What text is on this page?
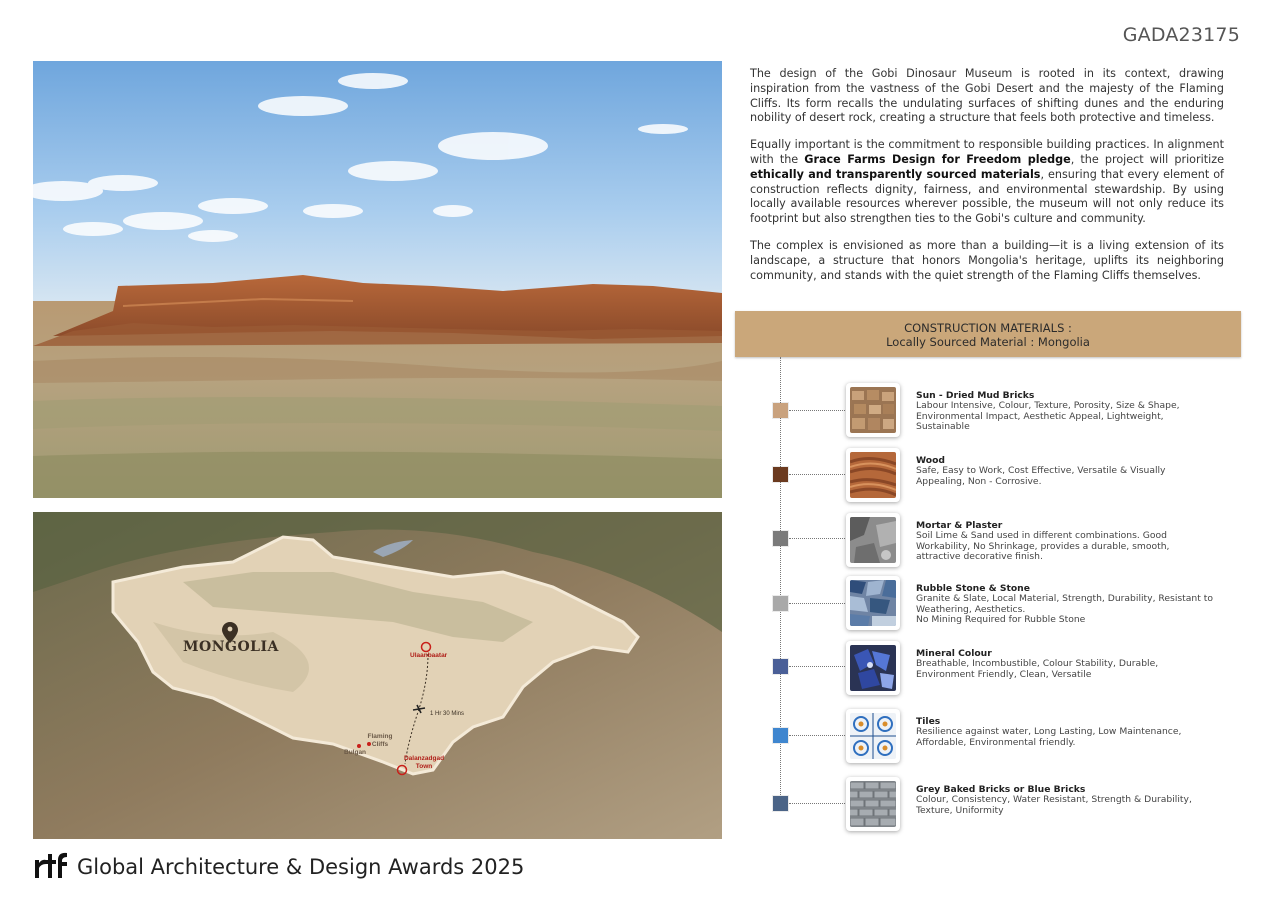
GADA23175
MONGOLIA
Ulaanbaatar
1 Hr 30 Mins
Flaming Cliffs
Bulgan
Dalanzadgad Town
Global Architecture & Design Awards 2025

The design of the Gobi Dinosaur Museum is rooted in its context, drawing inspiration from the vastness of the Gobi Desert and the majesty of the Flaming Cliffs. Its form recalls the undulating surfaces of shifting dunes and the enduring nobility of desert rock, creating a structure that feels both protective and timeless.

Equally important is the commitment to responsible building practices. In alignment with the Grace Farms Design for Freedom pledge, the project will prioritize ethically and transparently sourced materials, ensuring that every element of construction reflects dignity, fairness, and environmental stewardship. By using locally available resources wherever possible, the museum will not only reduce its footprint but also strengthen ties to the Gobi's culture and community.

The complex is envisioned as more than a building—it is a living extension of its landscape, a structure that honors Mongolia's heritage, uplifts its neighboring community, and stands with the quiet strength of the Flaming Cliffs themselves.

CONSTRUCTION MATERIALS :
Locally Sourced Material : Mongolia
Sun - Dried Mud Bricks
Labour Intensive, Colour, Texture, Porosity, Size & Shape, Environmental Impact, Aesthetic Appeal, Lightweight, Sustainable
Wood
Safe, Easy to Work, Cost Effective, Versatile & Visually Appealing, Non - Corrosive.
Mortar & Plaster
Soil Lime & Sand used in different combinations. Good Workability, No Shrinkage, provides a durable, smooth, attractive decorative finish.
Rubble Stone & Stone
Granite & Slate, Local Material, Strength, Durability, Resistant to Weathering, Aesthetics.
No Mining Required for Rubble Stone
Mineral Colour
Breathable, Incombustible, Colour Stability, Durable, Environment Friendly, Clean, Versatile
Tiles
Resilience against water, Long Lasting, Low Maintenance, Affordable, Environmental friendly.
Grey Baked Bricks or Blue Bricks
Colour, Consistency, Water Resistant, Strength & Durability, Texture, Uniformity
